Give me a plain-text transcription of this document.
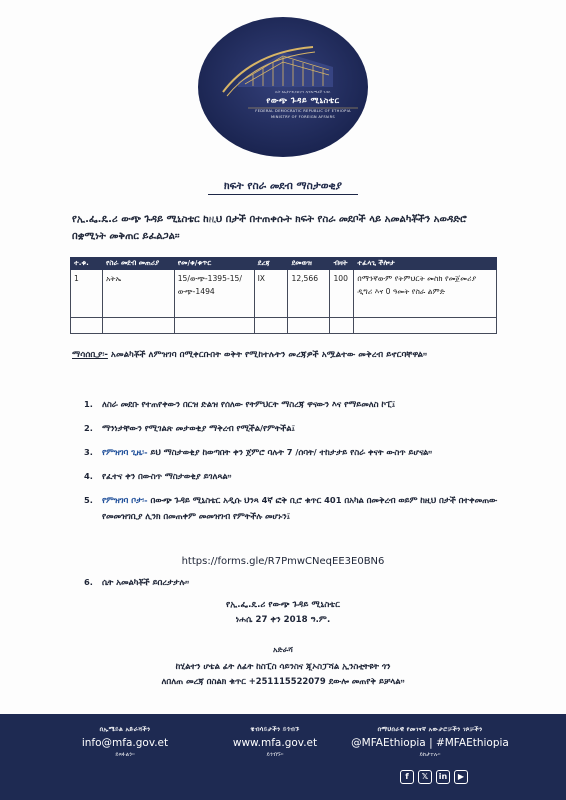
ቤት ለኢትዮጵያውያን ዲፕሎማቶች ጉዳይ
የውጭ ጉዳይ ሚኒስቴር
FEDERAL DEMOCRATIC REPUBLIC OF ETHIOPIA
MINISTRY OF FOREIGN AFFAIRS
ክፍት የስራ መደብ ማስታወቂያ
የኢ.ፌ.ዴ.ሪ ውጭ ጉዳይ ሚኒስቴር ከዚህ በታች በተጠቀሱት ክፍት የስራ መደቦች ላይ አመልካቾችን አወዳድሮ በቋሚነት መቅጠር ይፈልጋል።
ተ.ቁ.	የስራ መደብ መጠሪያ	የመ/ቁ/ቁጥር	ደረጃ	ደመወዝ	ብዛት	ተፈላጊ ችሎታ
1	አትኤ	15/ውጭ-1395-15/ውጭ-1494	IX	12,566	100	በማንኛውም የትምህርት መስክ የመጀመሪያ ዲግሪ እና 0 ዓመት የስራ ልምድ

ማሳሰቢያ፡- አመልካቾች ለምዝገባ በሚቀርቡበት ወቅት የሚከተሉትን መረጃዎች አሟልተው መቅረብ ይኖርባቸዋል።
1. ለስራ መደቡ የተጠየቀውን በርዝ ድልዝ የሰለው የትምህርት ማስረጃ ዋናውን እና የማይመለስ ኮፒ፤
2. ማንነታቸውን የሚገልጽ መታወቂያ ማቅረብ የሚችል/የምትችል፤
3. የምዝገባ ጊዜ፡- ይህ ማስታወቂያ ከወጣበት ቀን ጀምሮ ባሉት 7 /ሰባት/ ተከታታይ የስራ ቀናት ውስጥ ይሆናል።
4. የፈተና ቀን በውስጥ ማስታወቂያ ይገለጻል።
5. የምዝገባ ቦታ፡- በውጭ ጉዳይ ሚኒስቴር አዲሱ ህንጻ 4ኛ ፎቅ ቢሮ ቁጥር 401 በአካል በመቅረብ ወይም ከዚህ በታች በተቀመጠው የመመዝገቢያ ሊንክ በመጠቀም መመዝገብ የምትችሉ መሆኑን፤
https://forms.gle/R7PmwCNeqEE3E0BN6
6. ሴት አመልካቾች ይበረታታሉ።
የኢ.ፌ.ዴ.ሪ የውጭ ጉዳይ ሚኒስቴር
ነሐሴ 27 ቀን 2018 ዓ.ም.
አድራሻ
ከሂልተን ሆቴል ፊት ለፊት ከስፒስ ሳይንስና ጂኦስፓሻል ኢንስቲትዩት ጎን
ለበለጠ መረጃ በስልክ ቁጥር +251115522079 ደውሎ መጠየቅ ይቻላል።
በኢሜይል አድራሻችን
info@mfa.gov.et
ይጻፉልን።
ዌብሳይታችን ይጎብኙ
www.mfa.gov.et
ይጎብኙ።
በማህበራዊ የመገናኛ አውታሮቻችን ገጾቻችን
@MFAEthiopia | #MFAEthiopia
ይከታተሉ።
f	𝕏	in	▶
